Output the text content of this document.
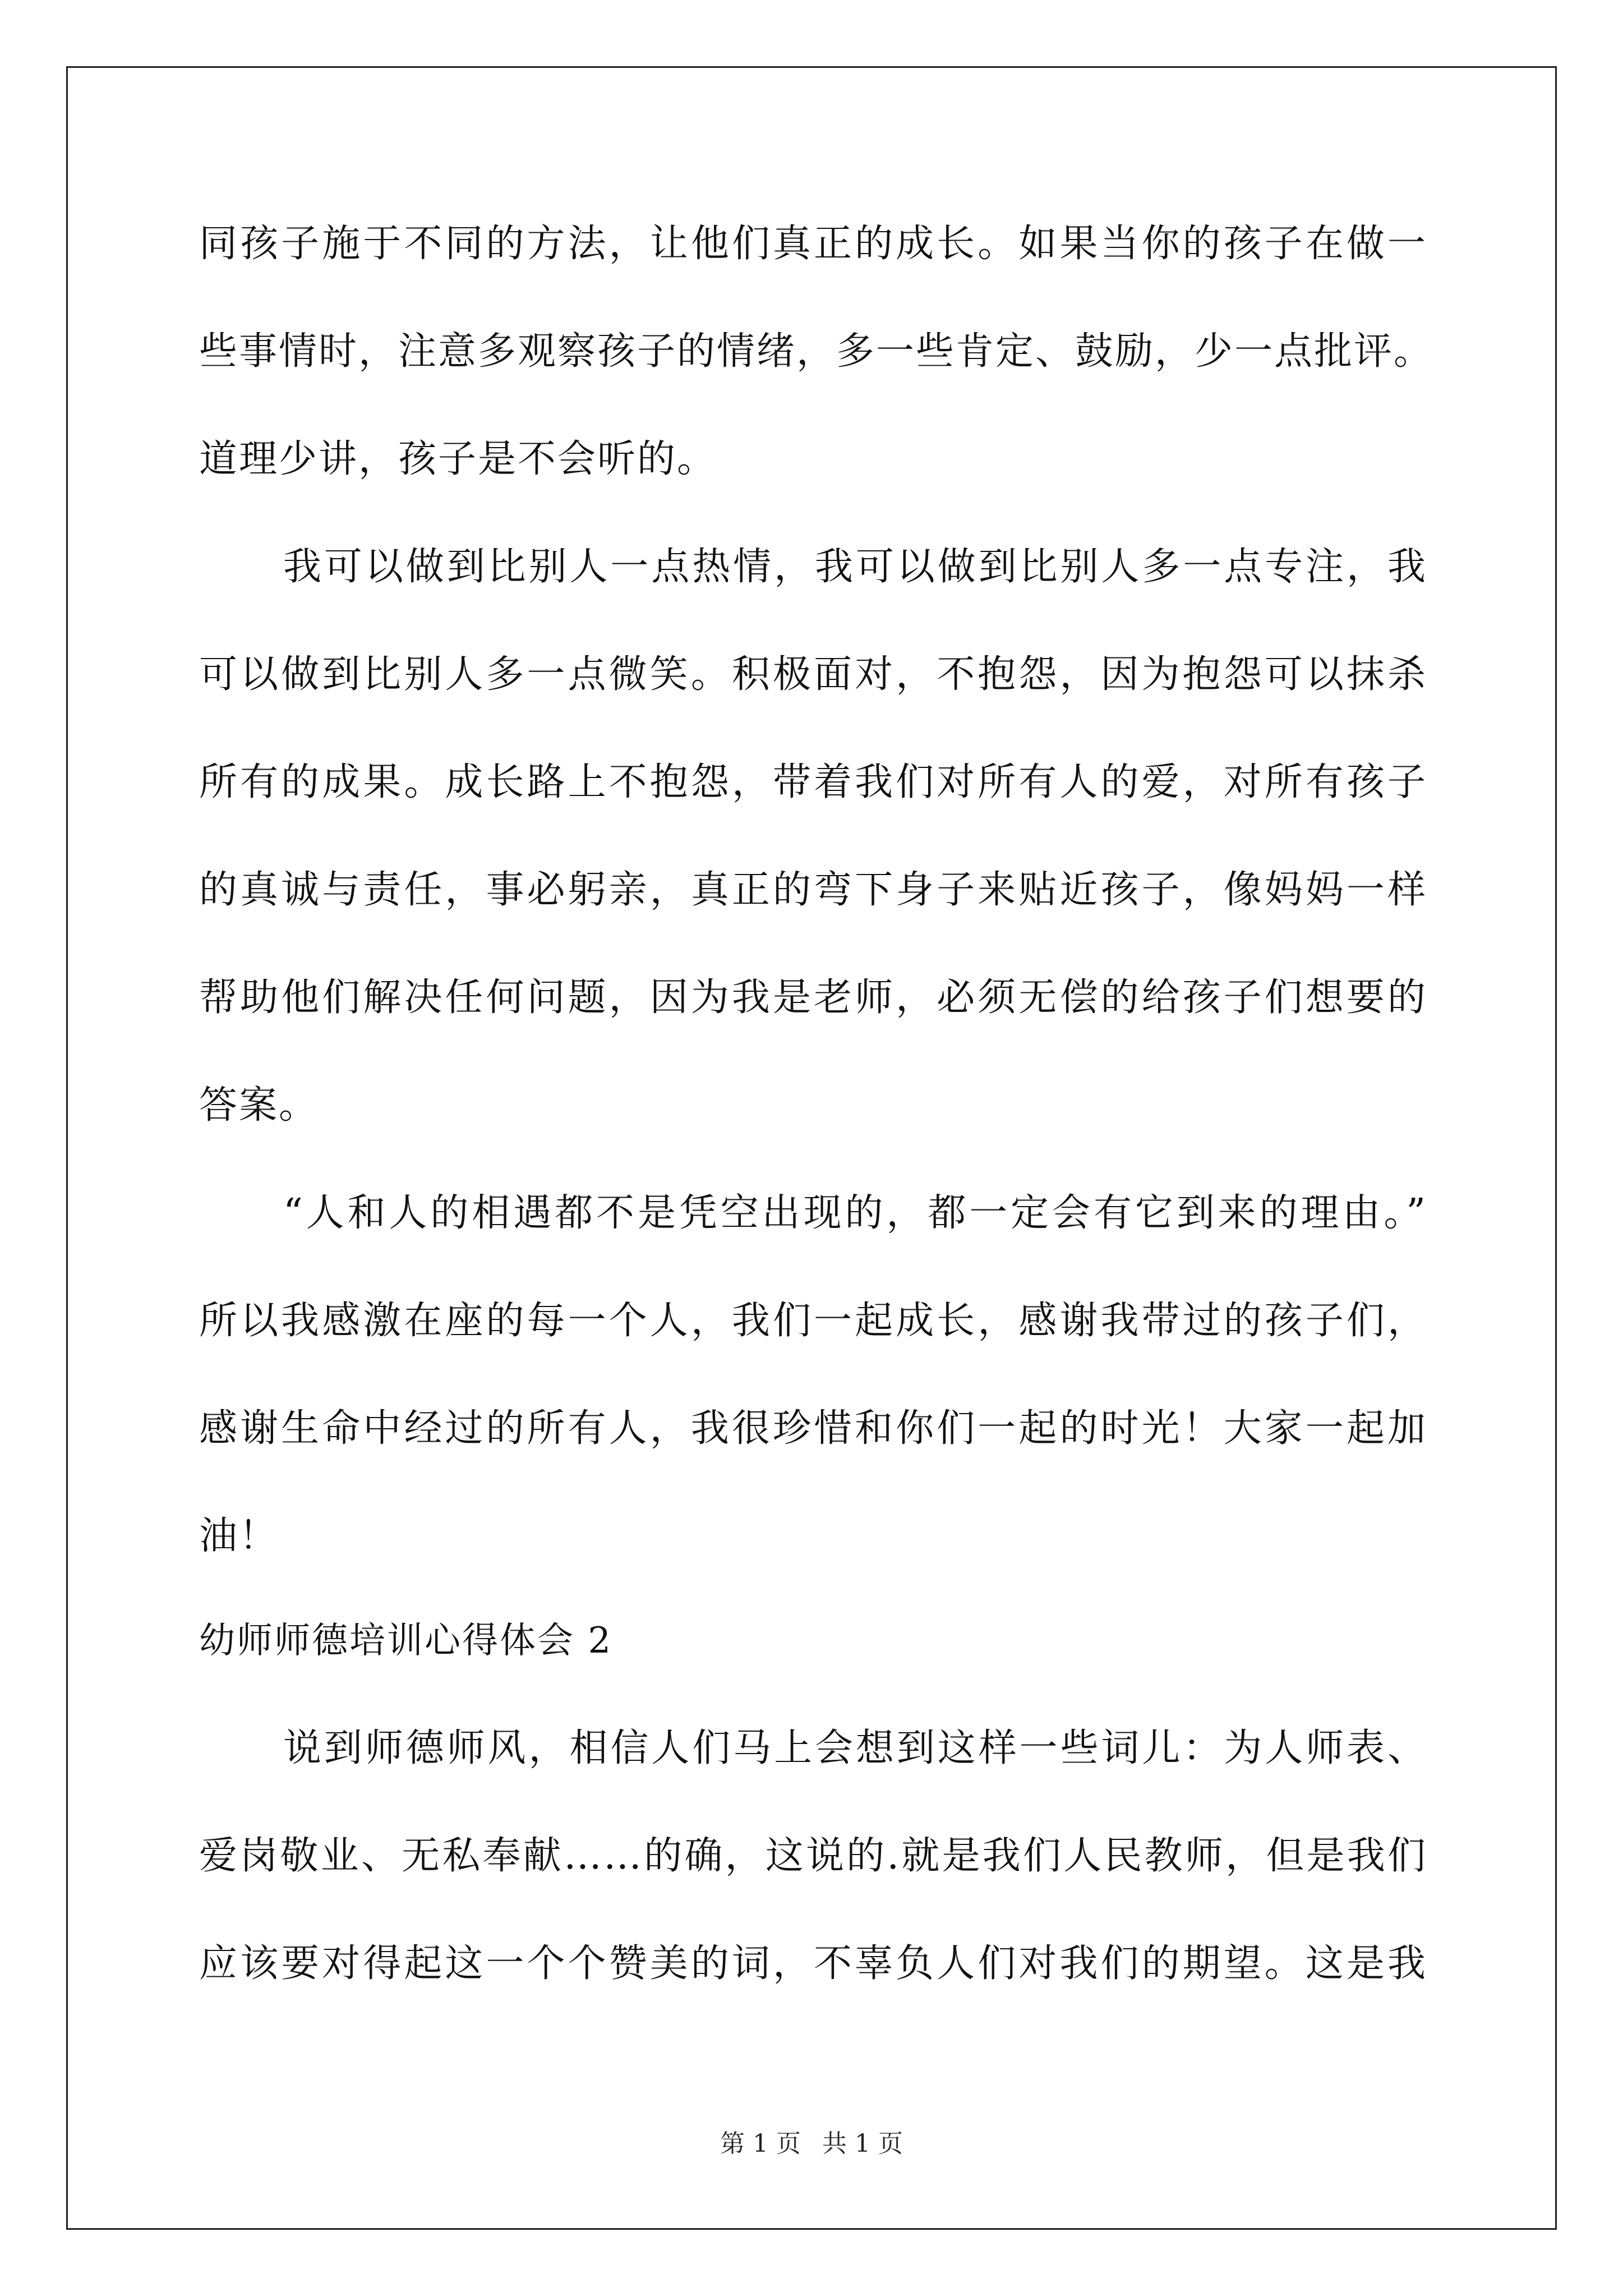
同孩子施于不同的方法，让他们真正的成长。如果当你的孩子在做一
些事情时，注意多观察孩子的情绪，多一些肯定、鼓励，少一点批评。
道理少讲，孩子是不会听的。
我可以做到比别人一点热情，我可以做到比别人多一点专注，我
可以做到比别人多一点微笑。积极面对，不抱怨，因为抱怨可以抹杀
所有的成果。成长路上不抱怨，带着我们对所有人的爱，对所有孩子
的真诚与责任，事必躬亲，真正的弯下身子来贴近孩子，像妈妈一样
帮助他们解决任何问题，因为我是老师，必须无偿的给孩子们想要的
答案。
“人和人的相遇都不是凭空出现的，都一定会有它到来的理由。”
所以我感激在座的每一个人，我们一起成长，感谢我带过的孩子们，
感谢生命中经过的所有人，我很珍惜和你们一起的时光！大家一起加
油！
幼师师德培训心得体会 2
说到师德师风，相信人们马上会想到这样一些词儿：为人师表、
爱岗敬业、无私奉献……的确，这说的.就是我们人民教师，但是我们
应该要对得起这一个个赞美的词，不辜负人们对我们的期望。这是我
第 1 页 共 1 页
